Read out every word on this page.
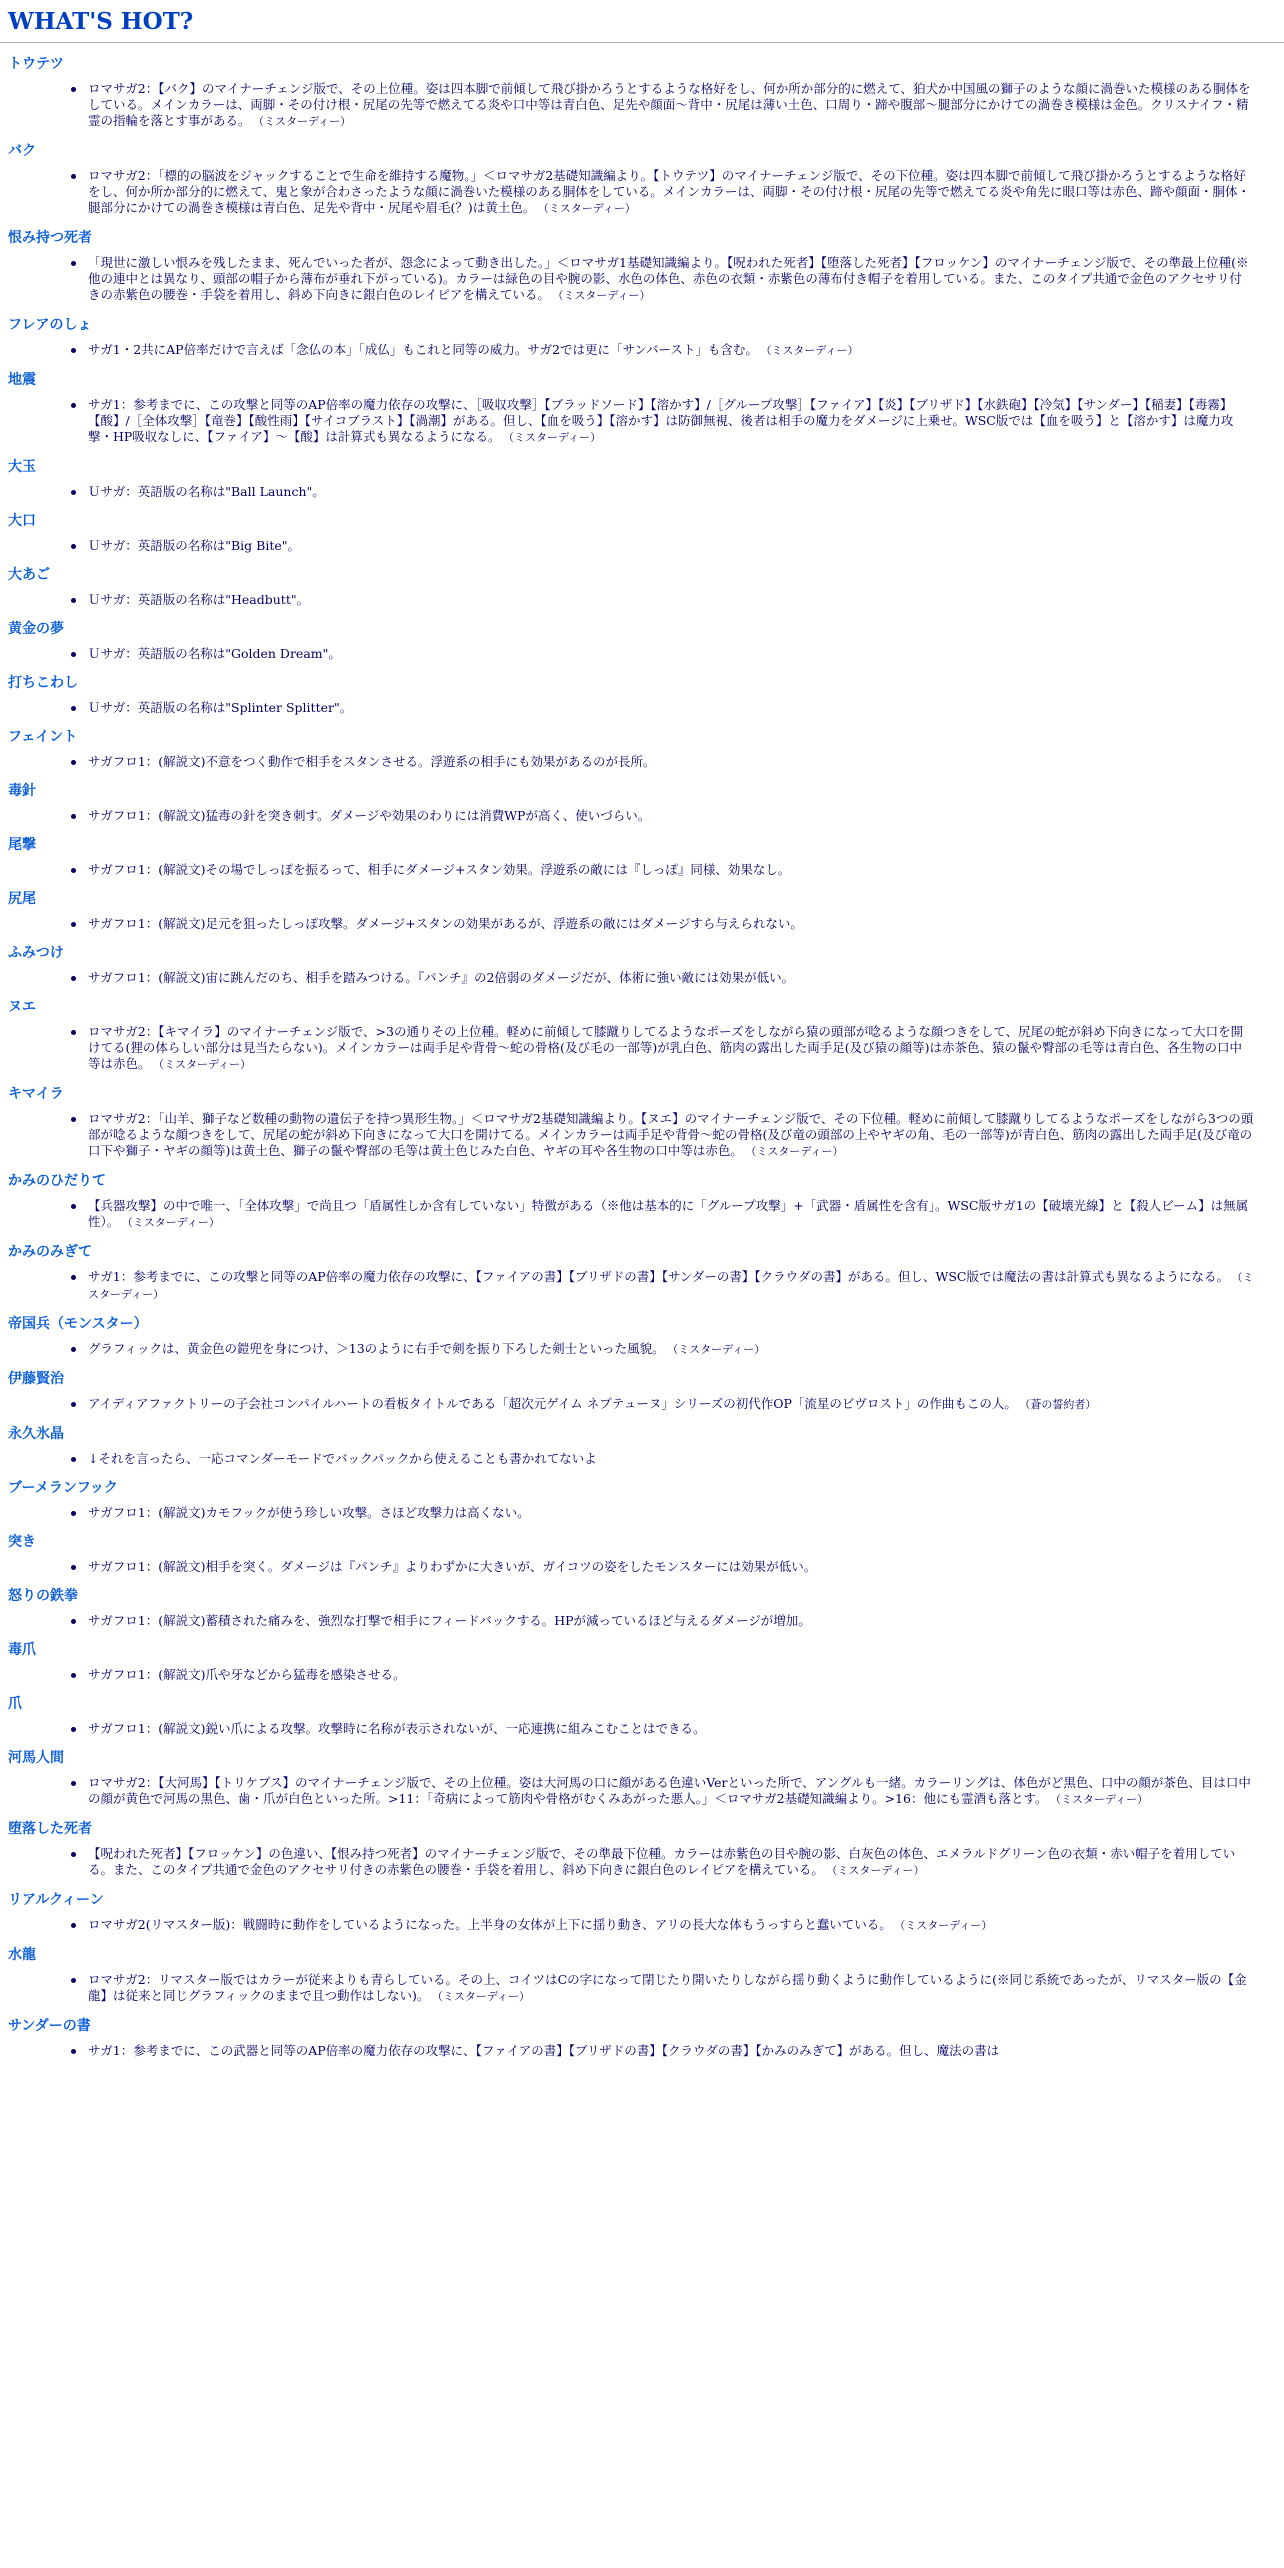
WHAT'S HOT?
トウテツ
ロマサガ2：【バク】のマイナーチェンジ版で、その上位種。姿は四本脚で前傾して飛び掛かろうとするような格好をし、何か所か部分的に燃えて、狛犬か中国風の獅子のような顔に渦巻いた模様のある胴体をしている。メインカラーは、両脚・その付け根・尻尾の先等で燃えてる炎や口中等は青白色、足先や顔面～背中・尻尾は薄い土色、口周り・蹄や腹部～腿部分にかけての渦巻き模様は金色。クリスナイフ・精霊の指輪を落とす事がある。 （ミスターディー）
バク
ロマサガ2：「標的の脳波をジャックすることで生命を維持する魔物。」＜ロマサガ2基礎知識編より。【トウテツ】のマイナーチェンジ版で、その下位種。姿は四本脚で前傾して飛び掛かろうとするような格好をし、何か所か部分的に燃えて、鬼と象が合わさったような顔に渦巻いた模様のある胴体をしている。メインカラーは、両脚・その付け根・尻尾の先等で燃えてる炎や角先に眼口等は赤色、蹄や顔面・胴体・腿部分にかけての渦巻き模様は青白色、足先や背中・尻尾や眉毛(？)は黄土色。 （ミスターディー）
恨み持つ死者
「現世に激しい恨みを残したまま、死んでいった者が、怨念によって動き出した。」＜ロマサガ1基礎知識編より。【呪われた死者】【堕落した死者】【フロッケン】のマイナーチェンジ版で、その準最上位種(※他の連中とは異なり、頭部の帽子から薄布が垂れ下がっている)。カラーは緑色の目や腕の影、水色の体色、赤色の衣類・赤紫色の薄布付き帽子を着用している。また、このタイプ共通で金色のアクセサリ付きの赤紫色の腰巻・手袋を着用し、斜め下向きに銀白色のレイピアを構えている。 （ミスターディー）
フレアのしょ
サガ1・2共にAP倍率だけで言えば「念仏の本」「成仏」もこれと同等の威力。サガ2では更に「サンバースト」も含む。 （ミスターディー）
地震
サガ1：参考までに、この攻撃と同等のAP倍率の魔力依存の攻撃に、［吸収攻撃］【ブラッドソード】【溶かす】/［グループ攻撃］【ファイア】【炎】【ブリザド】【水鉄砲】【冷気】【サンダー】【稲妻】【毒霧】【酸】/［全体攻撃］【竜巻】【酸性雨】【サイコブラスト】【渦潮】がある。但し、【血を吸う】【溶かす】は防御無視、後者は相手の魔力をダメージに上乗せ。WSC版では【血を吸う】と【溶かす】は魔力攻撃・HP吸収なしに、【ファイア】～【酸】は計算式も異なるようになる。 （ミスターディー）
大玉
Ｕサガ：英語版の名称は"Ball Launch"。
大口
Ｕサガ：英語版の名称は"Big Bite"。
大あご
Ｕサガ：英語版の名称は"Headbutt"。
黄金の夢
Ｕサガ：英語版の名称は"Golden Dream"。
打ちこわし
Ｕサガ：英語版の名称は"Splinter Splitter"。
フェイント
サガフロ1：(解説文)不意をつく動作で相手をスタンさせる。浮遊系の相手にも効果があるのが長所。
毒針
サガフロ1：(解説文)猛毒の針を突き刺す。ダメージや効果のわりには消費WPが高く、使いづらい。
尾撃
サガフロ1：(解説文)その場でしっぽを振るって、相手にダメージ+スタン効果。浮遊系の敵には『しっぽ』同様、効果なし。
尻尾
サガフロ1：(解説文)足元を狙ったしっぽ攻撃。ダメージ+スタンの効果があるが、浮遊系の敵にはダメージすら与えられない。
ふみつけ
サガフロ1：(解説文)宙に跳んだのち、相手を踏みつける。『パンチ』の2倍弱のダメージだが、体術に強い敵には効果が低い。
ヌエ
ロマサガ2：【キマイラ】のマイナーチェンジ版で、>3の通りその上位種。軽めに前傾して膝蹴りしてるようなポーズをしながら猿の頭部が唸るような顔つきをして、尻尾の蛇が斜め下向きになって大口を開けてる(狸の体らしい部分は見当たらない)。メインカラーは両手足や背骨～蛇の骨格(及び毛の一部等)が乳白色、筋肉の露出した両手足(及び猿の顔等)は赤茶色、猿の鬣や臀部の毛等は青白色、各生物の口中等は赤色。 （ミスターディー）
キマイラ
ロマサガ2：「山羊、獅子など数種の動物の遺伝子を持つ異形生物。」＜ロマサガ2基礎知識編より。【ヌエ】のマイナーチェンジ版で、その下位種。軽めに前傾して膝蹴りしてるようなポーズをしながら3つの頭部が唸るような顔つきをして、尻尾の蛇が斜め下向きになって大口を開けてる。メインカラーは両手足や背骨～蛇の骨格(及び竜の頭部の上やヤギの角、毛の一部等)が青白色、筋肉の露出した両手足(及び竜の口下や獅子・ヤギの顔等)は黄土色、獅子の鬣や臀部の毛等は黄土色じみた白色、ヤギの耳や各生物の口中等は赤色。 （ミスターディー）
かみのひだりて
【兵器攻撃】の中で唯一、「全体攻撃」で尚且つ「盾属性しか含有していない」特徴がある（※他は基本的に「グループ攻撃」+「武器・盾属性を含有」。WSC版サガ1の【破壊光線】と【殺人ビーム】は無属性）。 （ミスターディー）
かみのみぎて
サガ1：参考までに、この攻撃と同等のAP倍率の魔力依存の攻撃に、【ファイアの書】【ブリザドの書】【サンダーの書】【クラウダの書】がある。但し、WSC版では魔法の書は計算式も異なるようになる。 （ミスターディー）
帝国兵（モンスター）
グラフィックは、黄金色の鎧兜を身につけ、＞13のように右手で剣を振り下ろした剣士といった風貌。 （ミスターディー）
伊藤賢治
アイディアファクトリーの子会社コンパイルハートの看板タイトルである「超次元ゲイム ネプテューヌ」シリーズの初代作OP「流星のビヴロスト」の作曲もこの人。 （蒼の誓約者）
永久氷晶
↓それを言ったら、一応コマンダーモードでバックパックから使えることも書かれてないよ
ブーメランフック
サガフロ1：(解説文)カモフックが使う珍しい攻撃。さほど攻撃力は高くない。
突き
サガフロ1：(解説文)相手を突く。ダメージは『パンチ』よりわずかに大きいが、ガイコツの姿をしたモンスターには効果が低い。
怒りの鉄拳
サガフロ1：(解説文)蓄積された痛みを、強烈な打撃で相手にフィードバックする。HPが減っているほど与えるダメージが増加。
毒爪
サガフロ1：(解説文)爪や牙などから猛毒を感染させる。
爪
サガフロ1：(解説文)鋭い爪による攻撃。攻撃時に名称が表示されないが、一応連携に組みこむことはできる。
河馬人間
ロマサガ2：【大河馬】【トリケプス】のマイナーチェンジ版で、その上位種。姿は大河馬の口に顔がある色違いVerといった所で、アングルも一緒。カラーリングは、体色がど黒色、口中の顔が茶色、目は口中の顔が黄色で河馬の黒色、歯・爪が白色といった所。>11：「奇病によって筋肉や骨格がむくみあがった悪人。」＜ロマサガ2基礎知識編より。>16：他にも霊酒も落とす。 （ミスターディー）
堕落した死者
【呪われた死者】【フロッケン】の色違い、【恨み持つ死者】のマイナーチェンジ版で、その準最下位種。カラーは赤紫色の目や腕の影、白灰色の体色、エメラルドグリーン色の衣類・赤い帽子を着用している。また、このタイプ共通で金色のアクセサリ付きの赤紫色の腰巻・手袋を着用し、斜め下向きに銀白色のレイピアを構えている。 （ミスターディー）
リアルクィーン
ロマサガ2(リマスター版)：戦闘時に動作をしているようになった。上半身の女体が上下に揺り動き、アリの長大な体もうっすらと蠢いている。 （ミスターディー）
水龍
ロマサガ2：リマスター版ではカラーが従来よりも青らしている。その上、コイツはCの字になって閉じたり開いたりしながら揺り動くように動作しているように(※同じ系統であったが、リマスター版の【金龍】は従来と同じグラフィックのままで且つ動作はしない)。 （ミスターディー）
サンダーの書
サガ1：参考までに、この武器と同等のAP倍率の魔力依存の攻撃に、【ファイアの書】【ブリザドの書】【クラウダの書】【かみのみぎて】がある。但し、魔法の書は
